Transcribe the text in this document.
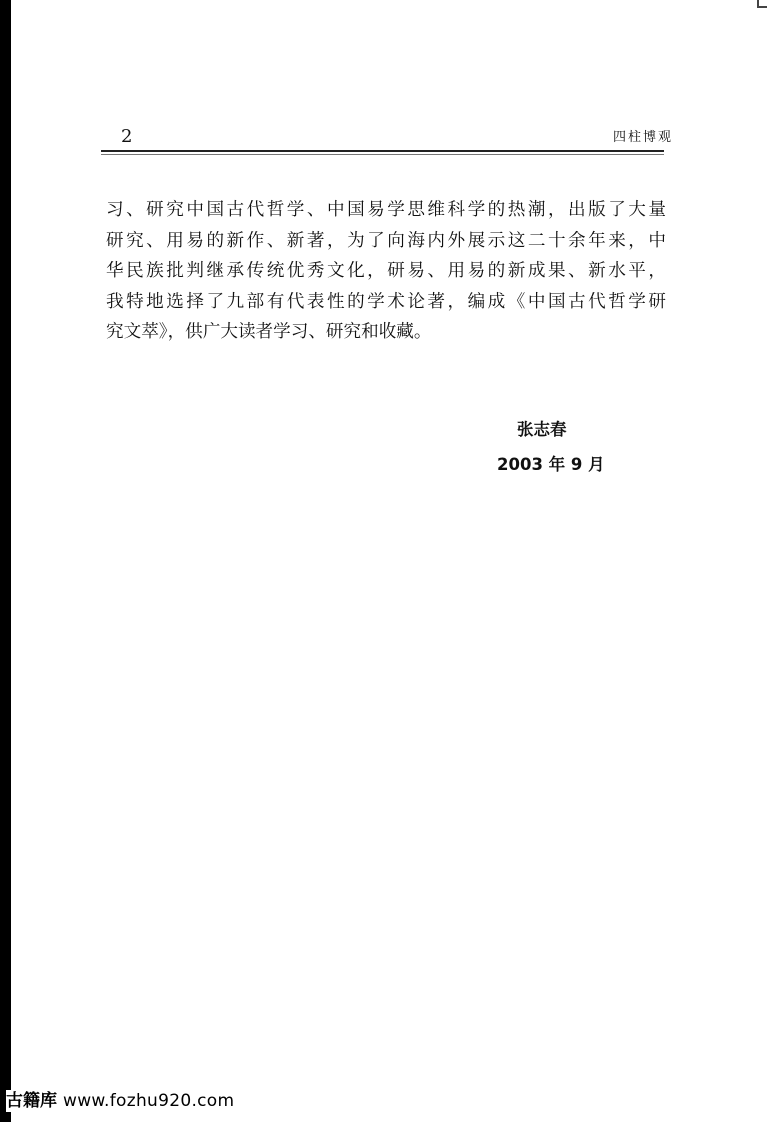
2	四柱博观

习、研究中国古代哲学、中国易学思维科学的热潮，出版了大量
研究、用易的新作、新著，为了向海内外展示这二十余年来，中
华民族批判继承传统优秀文化，研易、用易的新成果、新水平，
我特地选择了九部有代表性的学术论著，编成《中国古代哲学研
究文萃》，供广大读者学习、研究和收藏。

张志春
2003 年 9 月
古籍库 www.fozhu920.com
